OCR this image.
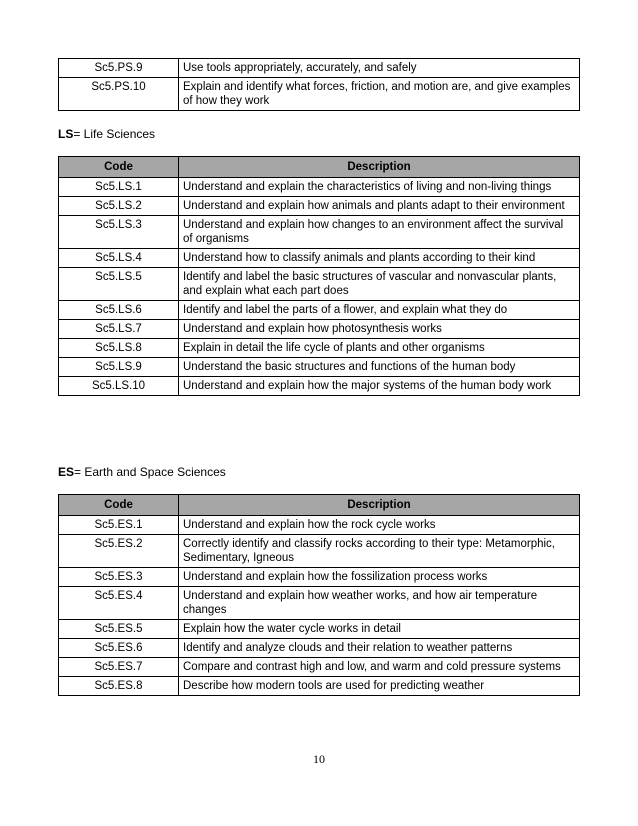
Sc5.PS.9	Use tools appropriately, accurately, and safely
Sc5.PS.10	Explain and identify what forces, friction, and motion are, and give examples of how they work
LS= Life Sciences
Code	Description
Sc5.LS.1	Understand and explain the characteristics of living and non-living things
Sc5.LS.2	Understand and explain how animals and plants adapt to their environment
Sc5.LS.3	Understand and explain how changes to an environment affect the survival of organisms
Sc5.LS.4	Understand how to classify animals and plants according to their kind
Sc5.LS.5	Identify and label the basic structures of vascular and nonvascular plants, and explain what each part does
Sc5.LS.6	Identify and label the parts of a flower, and explain what they do
Sc5.LS.7	Understand and explain how photosynthesis works
Sc5.LS.8	Explain in detail the life cycle of plants and other organisms
Sc5.LS.9	Understand the basic structures and functions of the human body
Sc5.LS.10	Understand and explain how the major systems of the human body work
ES= Earth and Space Sciences
Code	Description
Sc5.ES.1	Understand and explain how the rock cycle works
Sc5.ES.2	Correctly identify and classify rocks according to their type: Metamorphic, Sedimentary, Igneous
Sc5.ES.3	Understand and explain how the fossilization process works
Sc5.ES.4	Understand and explain how weather works, and how air temperature changes
Sc5.ES.5	Explain how the water cycle works in detail
Sc5.ES.6	Identify and analyze clouds and their relation to weather patterns
Sc5.ES.7	Compare and contrast high and low, and warm and cold pressure systems
Sc5.ES.8	Describe how modern tools are used for predicting weather
10
